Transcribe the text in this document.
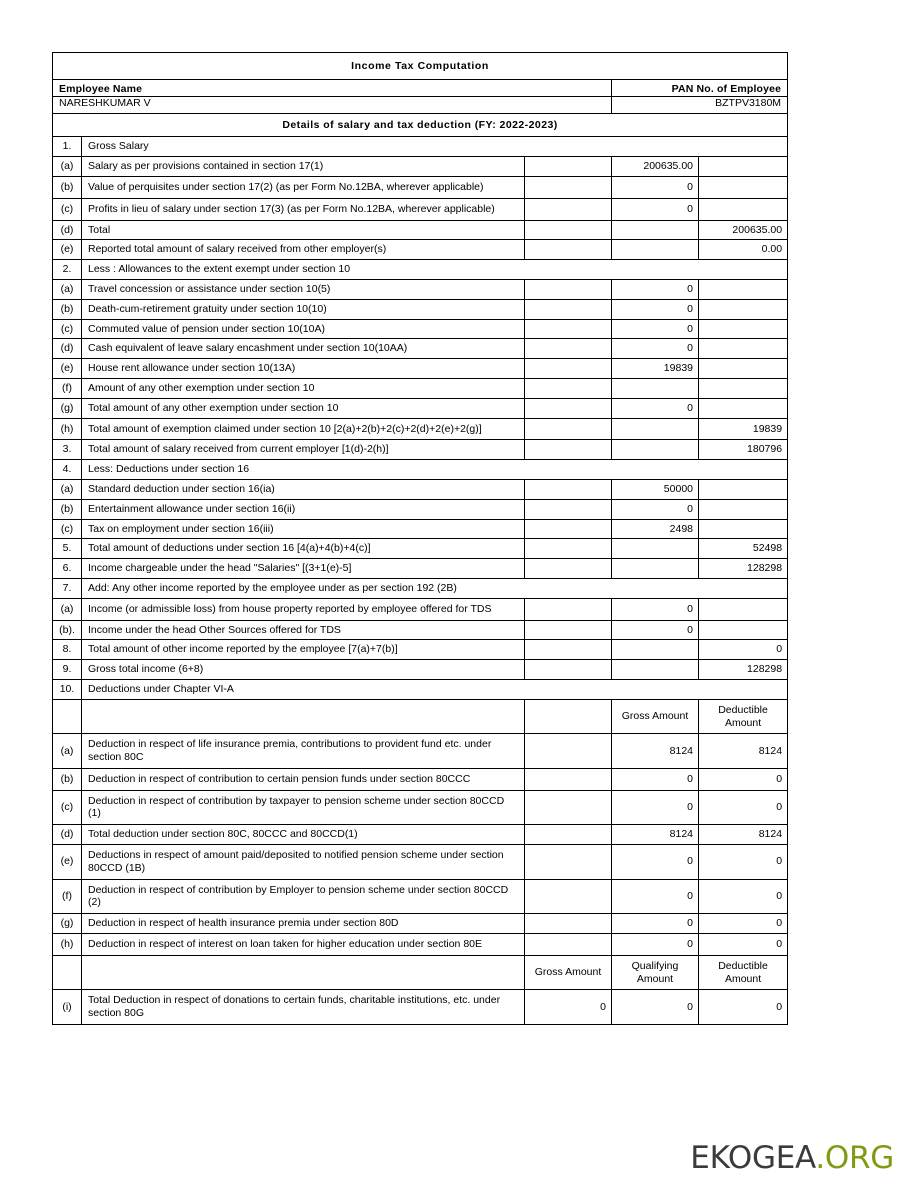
Income Tax Computation				
Employee Name			PAN No. of Employee	
NARESHKUMAR V			BZTPV3180M	
Details of salary and tax deduction (FY: 2022-2023)				
1.	Gross Salary			
(a)	Salary as per provisions contained in section 17(1)		200635.00	
(b)	Value of perquisites under section 17(2) (as per Form No.12BA, wherever applicable)		0	
(c)	Profits in lieu of salary under section 17(3) (as per Form No.12BA, wherever applicable)		0	
(d)	Total			200635.00
(e)	Reported total amount of salary received from other employer(s)			0.00
2.	Less : Allowances to the extent exempt under section 10			
(a)	Travel concession or assistance under section 10(5)		0	
(b)	Death-cum-retirement gratuity under section 10(10)		0	
(c)	Commuted value of pension under section 10(10A)		0	
(d)	Cash equivalent of leave salary encashment under section 10(10AA)		0	
(e)	House rent allowance under section 10(13A)		19839	
(f)	Amount of any other exemption under section 10			
(g)	Total amount of any other exemption under section 10		0	
(h)	Total amount of exemption claimed under section 10 [2(a)+2(b)+2(c)+2(d)+2(e)+2(g)]			19839
3.	Total amount of salary received from current employer [1(d)-2(h)]			180796
4.	Less: Deductions under section 16			
(a)	Standard deduction under section 16(ia)		50000	
(b)	Entertainment allowance under section 16(ii)		0	
(c)	Tax on employment under section 16(iii)		2498	
5.	Total amount of deductions under section 16 [4(a)+4(b)+4(c)]			52498
6.	Income chargeable under the head "Salaries" [(3+1(e)-5]			128298
7.	Add: Any other income reported by the employee under as per section 192 (2B)			
(a)	Income (or admissible loss) from house property reported by employee offered for TDS		0	
(b).	Income under the head Other Sources offered for TDS		0	
8.	Total amount of other income reported by the employee [7(a)+7(b)]			0
9.	Gross total income (6+8)			128298
10.	Deductions under Chapter VI-A			
			Gross Amount	Deductible Amount
(a)	Deduction in respect of life insurance premia, contributions to provident fund etc. under section 80C		8124	8124
(b)	Deduction in respect of contribution to certain pension funds under section 80CCC		0	0
(c)	Deduction in respect of contribution by taxpayer to pension scheme under section 80CCD (1)		0	0
(d)	Total deduction under section 80C, 80CCC and 80CCD(1)		8124	8124
(e)	Deductions in respect of amount paid/deposited to notified pension scheme under section 80CCD (1B)		0	0
(f)	Deduction in respect of contribution by Employer to pension scheme under section 80CCD (2)		0	0
(g)	Deduction in respect of health insurance premia under section 80D		0	0
(h)	Deduction in respect of interest on loan taken for higher education under section 80E		0	0
		Gross Amount	Qualifying Amount	Deductible Amount
(i)	Total Deduction in respect of donations to certain funds, charitable institutions, etc. under section 80G	0	0	0
EKOGEA.ORG
